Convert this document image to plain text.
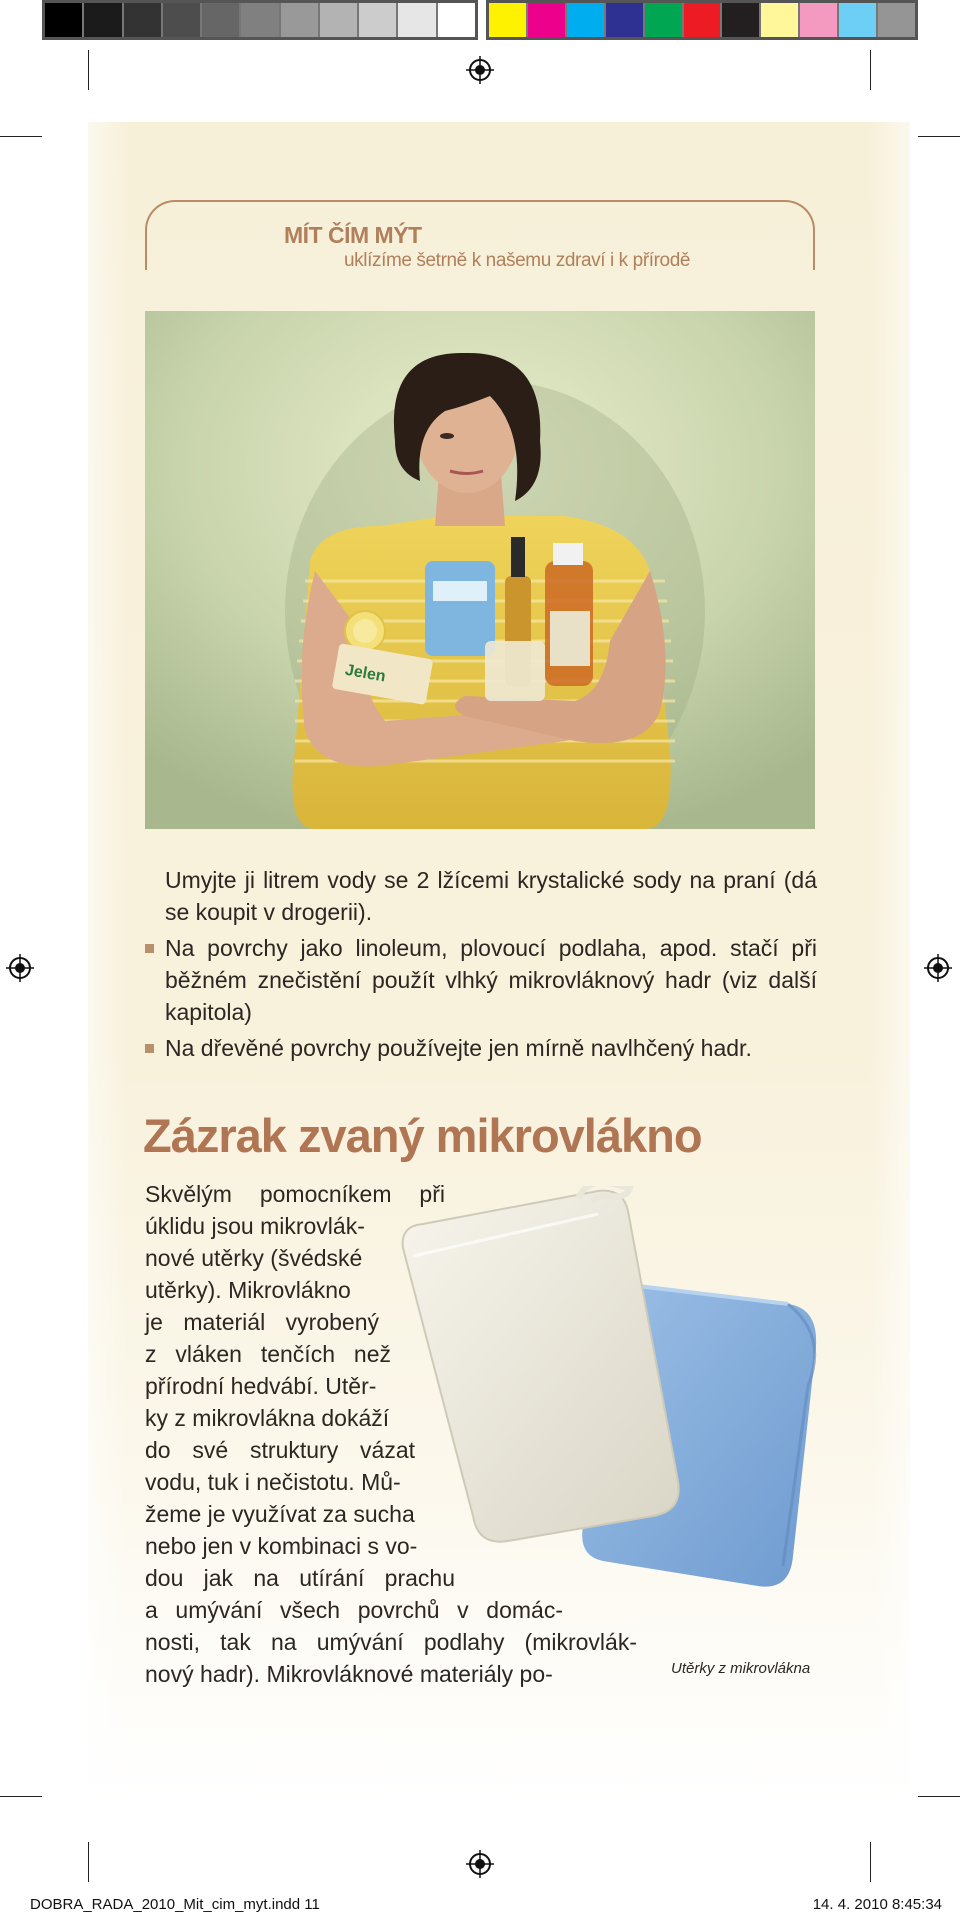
MÍT ČÍM MÝT
uklízíme šetrně k našemu zdraví i k přírodě
Jelen
Umyjte ji litrem vody se 2 lžícemi krystalické sody na praní (dá se koupit v drogerii).
Na povrchy jako linoleum, plovoucí podlaha, apod. stačí při běžném znečistění použít vlhký mikrovláknový hadr (viz další kapitola)
Na dřevěné povrchy používejte jen mírně navlhčený hadr.
Zázrak zvaný mikrovlákno
Skvělým pomocníkem při
úklidu jsou mikrovlák-
nové utěrky (švédské
utěrky). Mikrovlákno
je materiál vyrobený
z vláken tenčích než
přírodní hedvábí. Utěr-
ky z mikrovlákna dokáží
do své struktury vázat
vodu, tuk i nečistotu. Mů-
žeme je využívat za sucha
nebo jen v kombinaci s vo-
dou jak na utírání prachu
a umývání všech povrchů v domác-
nosti, tak na umývání podlahy (mikrovlák-
nový hadr). Mikrovláknové materiály po-	Utěrky z mikrovlákna
DOBRA_RADA_2010_Mit_cim_myt.indd 11	14. 4. 2010 8:45:34
